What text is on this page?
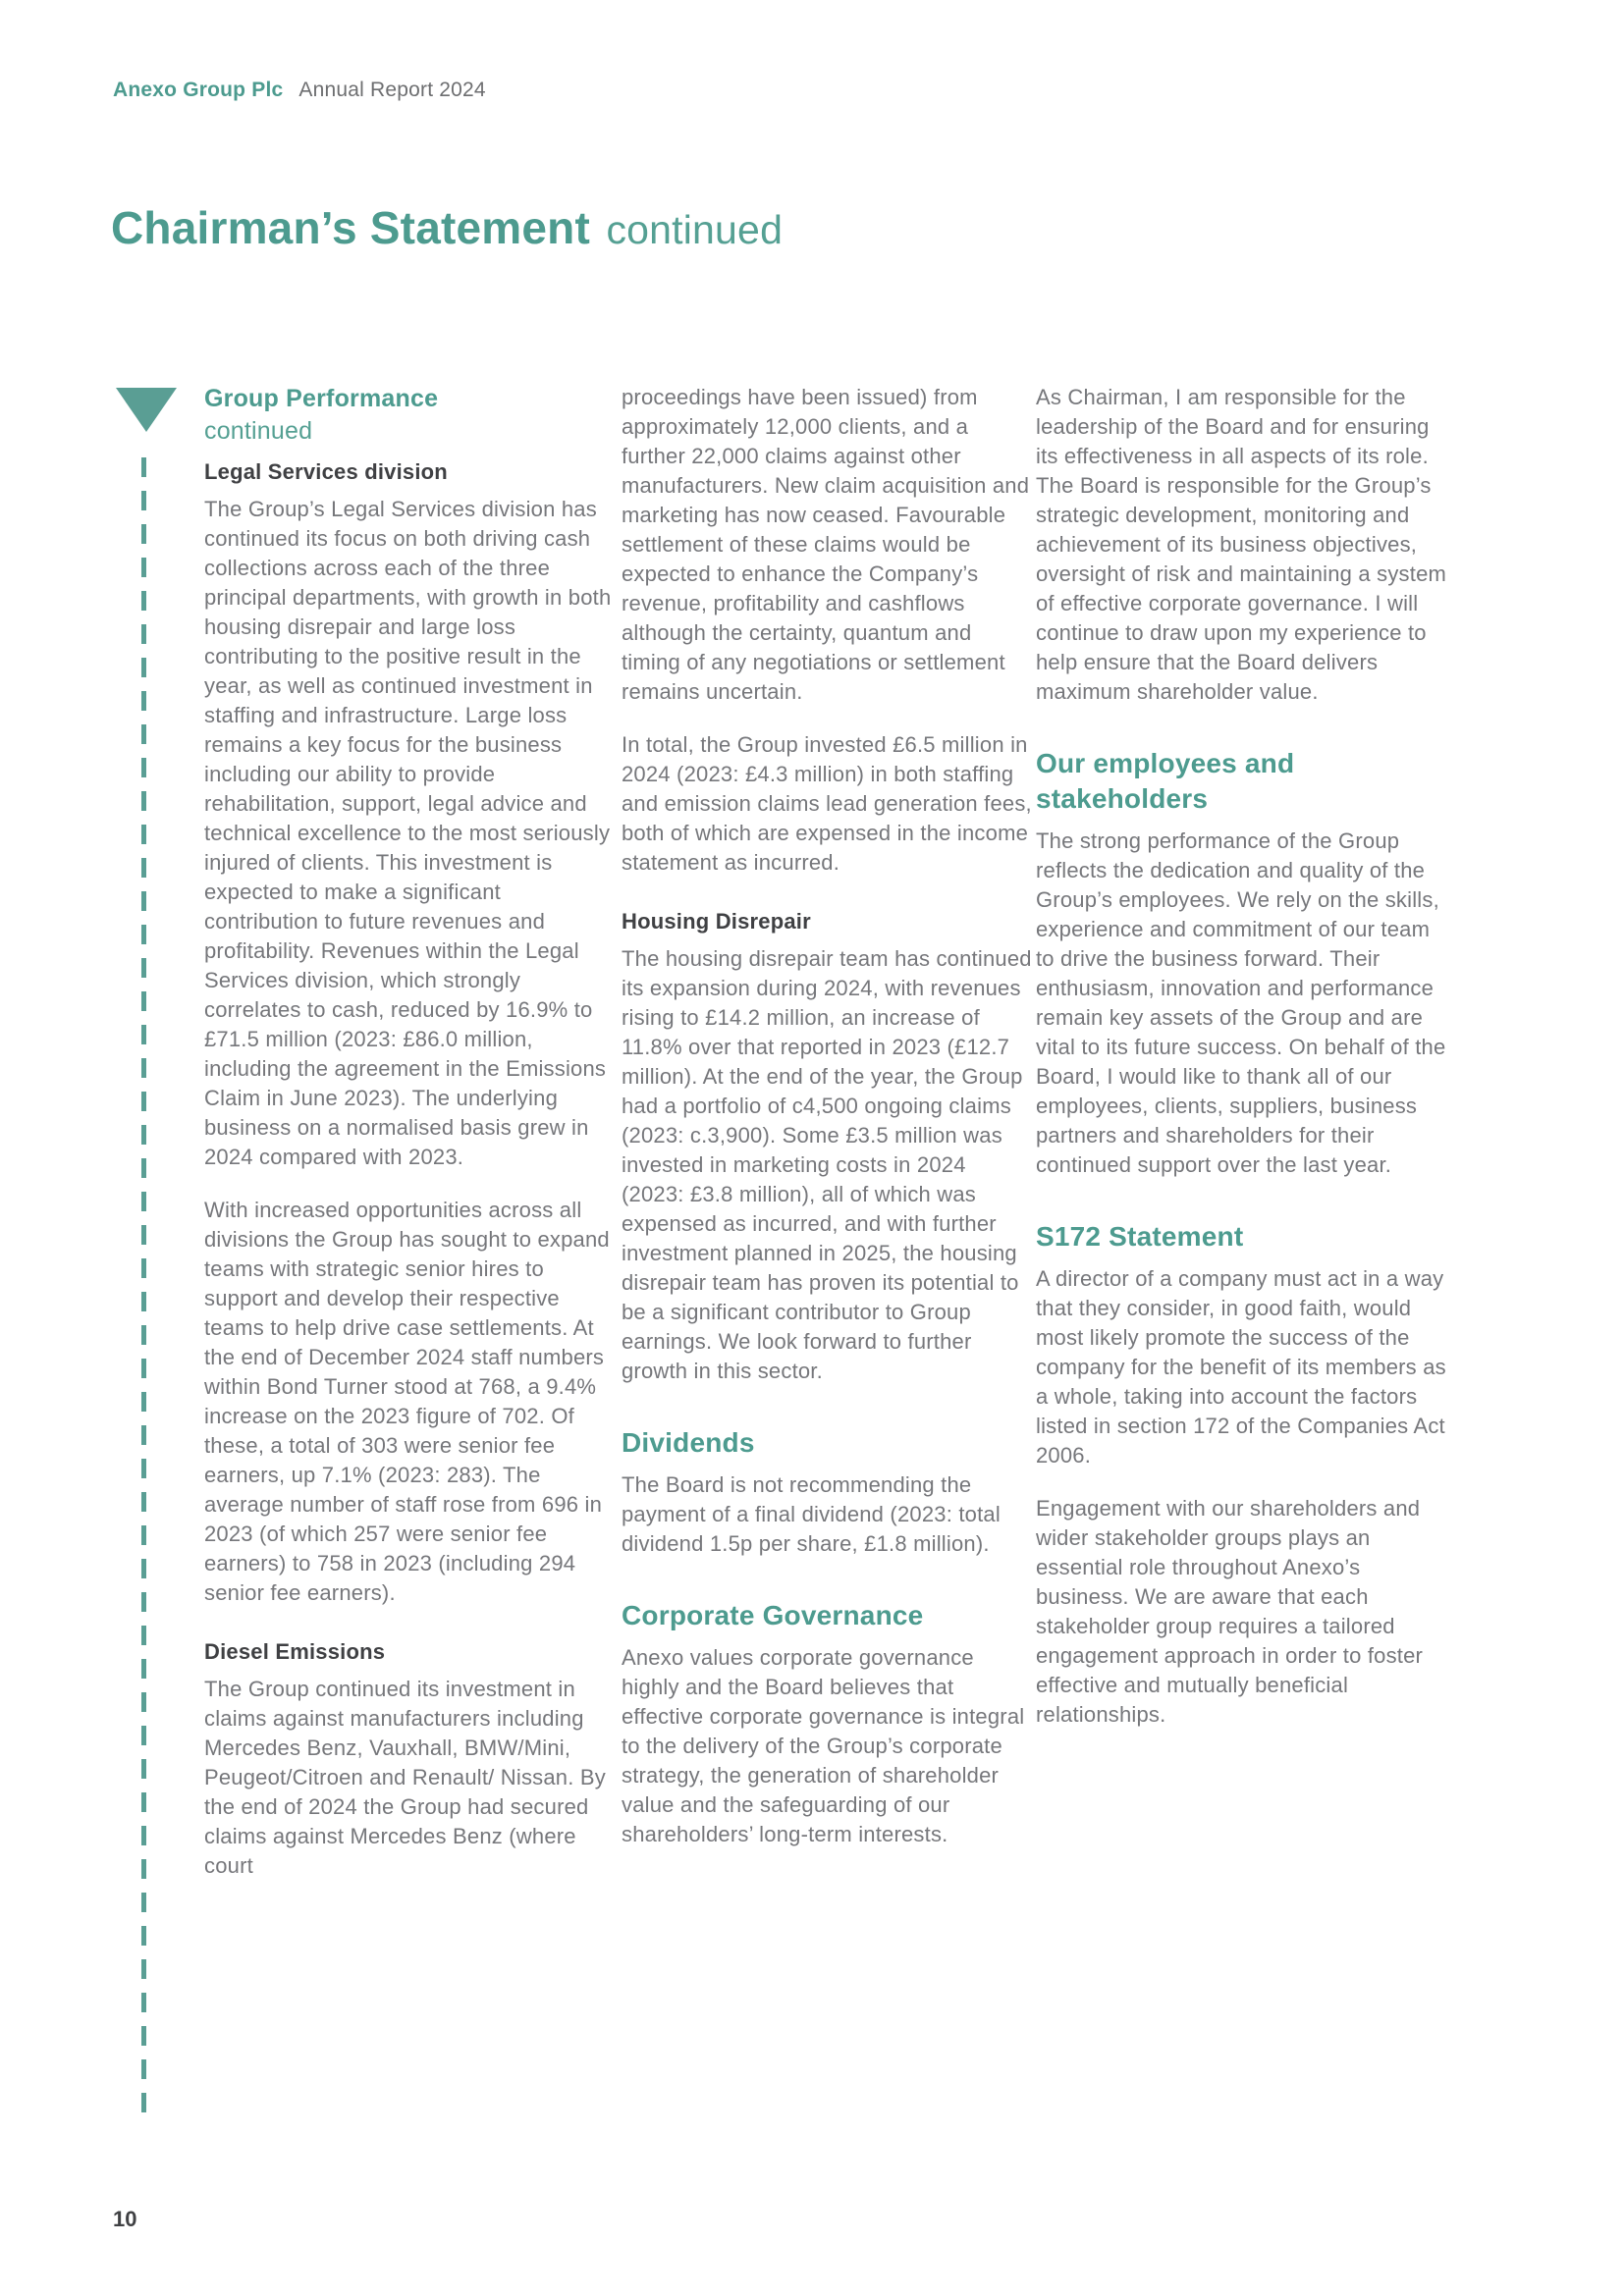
Anexo Group Plc Annual Report 2024
Chairman’s Statement continued
Group Performance
continued
Legal Services division

The Group’s Legal Services division has continued its focus on both driving cash collections across each of the three principal departments, with growth in both housing disrepair and large loss contributing to the positive result in the year, as well as continued investment in staffing and infrastructure. Large loss remains a key focus for the business including our ability to provide rehabilitation, support, legal advice and technical excellence to the most seriously injured of clients. This investment is expected to make a significant contribution to future revenues and profitability. Revenues within the Legal Services division, which strongly correlates to cash, reduced by 16.9% to £71.5 million (2023: £86.0 million, including the agreement in the Emissions Claim in June 2023). The underlying business on a normalised basis grew in 2024 compared with 2023.

With increased opportunities across all divisions the Group has sought to expand teams with strategic senior hires to support and develop their respective teams to help drive case settlements. At the end of December 2024 staff numbers within Bond Turner stood at 768, a 9.4% increase on the 2023 figure of 702. Of these, a total of 303 were senior fee earners, up 7.1% (2023: 283). The average number of staff rose from 696 in 2023 (of which 257 were senior fee earners) to 758 in 2023 (including 294 senior fee earners).

Diesel Emissions

The Group continued its investment in claims against manufacturers including Mercedes Benz, Vauxhall, BMW/Mini, Peugeot/Citroen and Renault/ Nissan. By the end of 2024 the Group had secured claims against Mercedes Benz (where court

proceedings have been issued) from approximately 12,000 clients, and a further 22,000 claims against other manufacturers. New claim acquisition and marketing has now ceased. Favourable settlement of these claims would be expected to enhance the Company’s revenue, profitability and cashflows although the certainty, quantum and timing of any negotiations or settlement remains uncertain.

In total, the Group invested £6.5 million in 2024 (2023: £4.3 million) in both staffing and emission claims lead generation fees, both of which are expensed in the income statement as incurred.

Housing Disrepair

The housing disrepair team has continued its expansion during 2024, with revenues rising to £14.2 million, an increase of 11.8% over that reported in 2023 (£12.7 million). At the end of the year, the Group had a portfolio of c4,500 ongoing claims (2023: c.3,900). Some £3.5 million was invested in marketing costs in 2024 (2023: £3.8 million), all of which was expensed as incurred, and with further investment planned in 2025, the housing disrepair team has proven its potential to be a significant contributor to Group earnings. We look forward to further growth in this sector.

Dividends

The Board is not recommending the payment of a final dividend (2023: total dividend 1.5p per share, £1.8 million).

Corporate Governance

Anexo values corporate governance highly and the Board believes that effective corporate governance is integral to the delivery of the Group’s corporate strategy, the generation of shareholder value and the safeguarding of our shareholders’ long-term interests.

As Chairman, I am responsible for the leadership of the Board and for ensuring its effectiveness in all aspects of its role. The Board is responsible for the Group’s strategic development, monitoring and achievement of its business objectives, oversight of risk and maintaining a system of effective corporate governance. I will continue to draw upon my experience to help ensure that the Board delivers maximum shareholder value.

Our employees and stakeholders

The strong performance of the Group reflects the dedication and quality of the Group’s employees. We rely on the skills, experience and commitment of our team to drive the business forward. Their enthusiasm, innovation and performance remain key assets of the Group and are vital to its future success. On behalf of the Board, I would like to thank all of our employees, clients, suppliers, business partners and shareholders for their continued support over the last year.

S172 Statement

A director of a company must act in a way that they consider, in good faith, would most likely promote the success of the company for the benefit of its members as a whole, taking into account the factors listed in section 172 of the Companies Act 2006.

Engagement with our shareholders and wider stakeholder groups plays an essential role throughout Anexo’s business. We are aware that each stakeholder group requires a tailored engagement approach in order to foster effective and mutually beneficial relationships.

10
